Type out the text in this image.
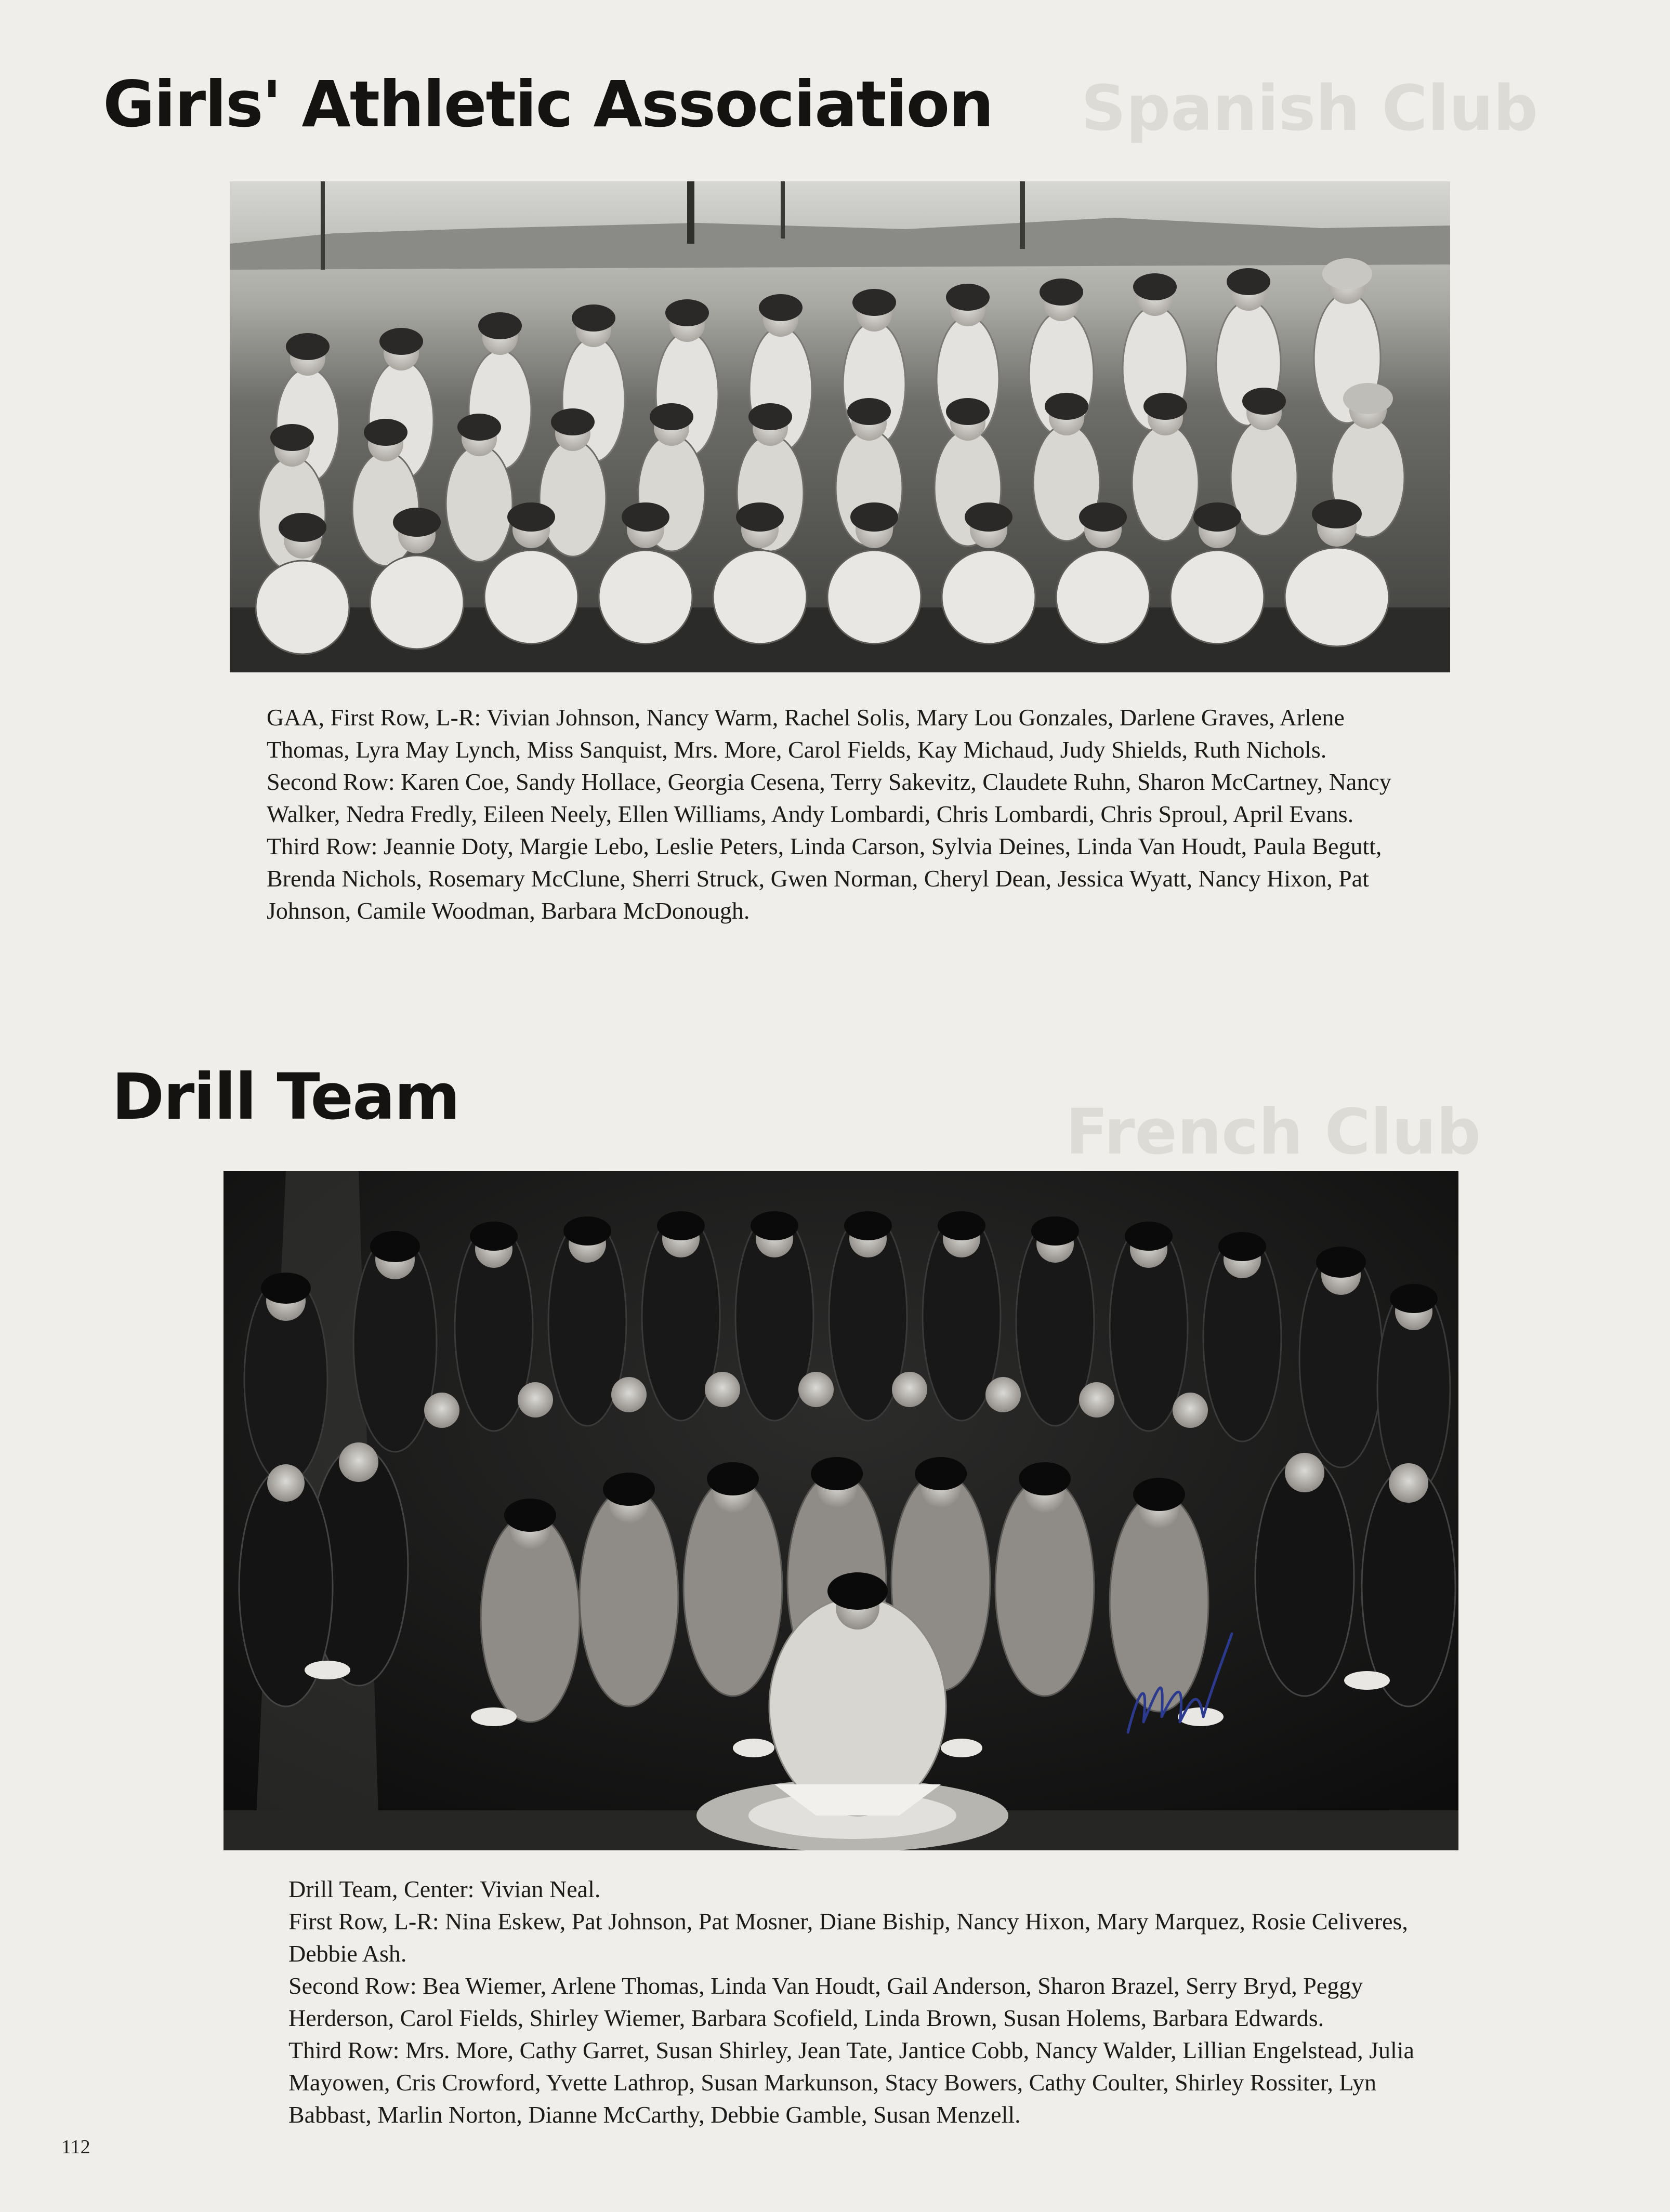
Spanish Club
French Club
Girls' Athletic Association

GAA, First Row, L-R: Vivian Johnson, Nancy Warm, Rachel Solis, Mary Lou Gonzales, Darlene Graves, Arlene Thomas, Lyra May Lynch, Miss Sanquist, Mrs. More, Carol Fields, Kay Michaud, Judy Shields, Ruth Nichols.

Second Row: Karen Coe, Sandy Hollace, Georgia Cesena, Terry Sakevitz, Claudete Ruhn, Sharon McCartney, Nancy Walker, Nedra Fredly, Eileen Neely, Ellen Williams, Andy Lombardi, Chris Lombardi, Chris Sproul, April Evans.

Third Row: Jeannie Doty, Margie Lebo, Leslie Peters, Linda Carson, Sylvia Deines, Linda Van Houdt, Paula Begutt, Brenda Nichols, Rosemary McClune, Sherri Struck, Gwen Norman, Cheryl Dean, Jessica Wyatt, Nancy Hixon, Pat Johnson, Camile Woodman, Barbara McDonough.

Drill Team

Drill Team, Center: Vivian Neal.

First Row, L-R: Nina Eskew, Pat Johnson, Pat Mosner, Diane Biship, Nancy Hixon, Mary Marquez, Rosie Celiveres, Debbie Ash.

Second Row: Bea Wiemer, Arlene Thomas, Linda Van Houdt, Gail Anderson, Sharon Brazel, Serry Bryd, Peggy Herderson, Carol Fields, Shirley Wiemer, Barbara Scofield, Linda Brown, Susan Holems, Barbara Edwards.

Third Row: Mrs. More, Cathy Garret, Susan Shirley, Jean Tate, Jantice Cobb, Nancy Walder, Lillian Engelstead, Julia Mayowen, Cris Crowford, Yvette Lathrop, Susan Markunson, Stacy Bowers, Cathy Coulter, Shirley Rossiter, Lyn Babbast, Marlin Norton, Dianne McCarthy, Debbie Gamble, Susan Menzell.

112
